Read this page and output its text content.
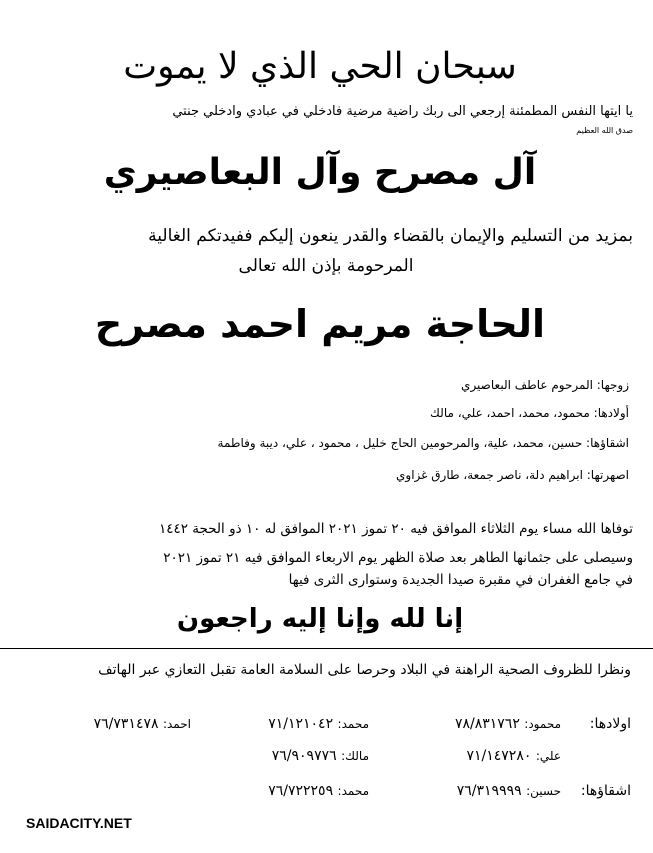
سبحان الحي الذي لا يموت
يا ايتها النفس المطمئنة إرجعي الى ربك راضية مرضية فادخلي في عبادي وادخلي جنتي
صدق الله العظيم
آل مصرح وآل البعاصيري
بمزيد من التسليم والإيمان بالقضاء والقدر ينعون إليكم ففيدتكم الغالية
المرحومة بإذن الله تعالى
الحاجة مريم احمد مصرح
زوجها: المرحوم عاطف البعاصيري
أولادها: محمود، محمد، احمد، علي، مالك
اشقاؤها: حسين، محمد، علية، والمرحومين الحاج خليل ، محمود ، علي، ديبة وفاطمة
اصهرتها: ابراهيم دلة، ناصر جمعة، طارق غزاوي
توفاها الله مساء يوم الثلاثاء الموافق فيه ٢٠ تموز ٢٠٢١ الموافق له ١٠ ذو الحجة ١٤٤٢
وسيصلى على جثمانها الطاهر بعد صلاة الظهر يوم الاربعاء الموافق فيه ٢١ تموز ٢٠٢١
في جامع الغفران في مقبرة صيدا الجديدة وستوارى الثرى فيها
إنا لله وإنا إليه راجعون
ونظرا للظروف الصحية الراهنة في البلاد وحرصا على السلامة العامة تقبل التعازي عبر الهاتف
اولادها:
محمود: ٧٨/٨٣١٧٦٢
محمد: ٧١/١٢١٠٤٢
احمد: ٧٦/٧٣١٤٧٨
علي: ٧١/١٤٧٢٨٠
مالك: ٧٦/٩٠٩٧٧٦
اشقاؤها:
حسين: ٧٦/٣١٩٩٩٩
محمد: ٧٦/٧٢٢٢٥٩
SAIDACITY.NET
